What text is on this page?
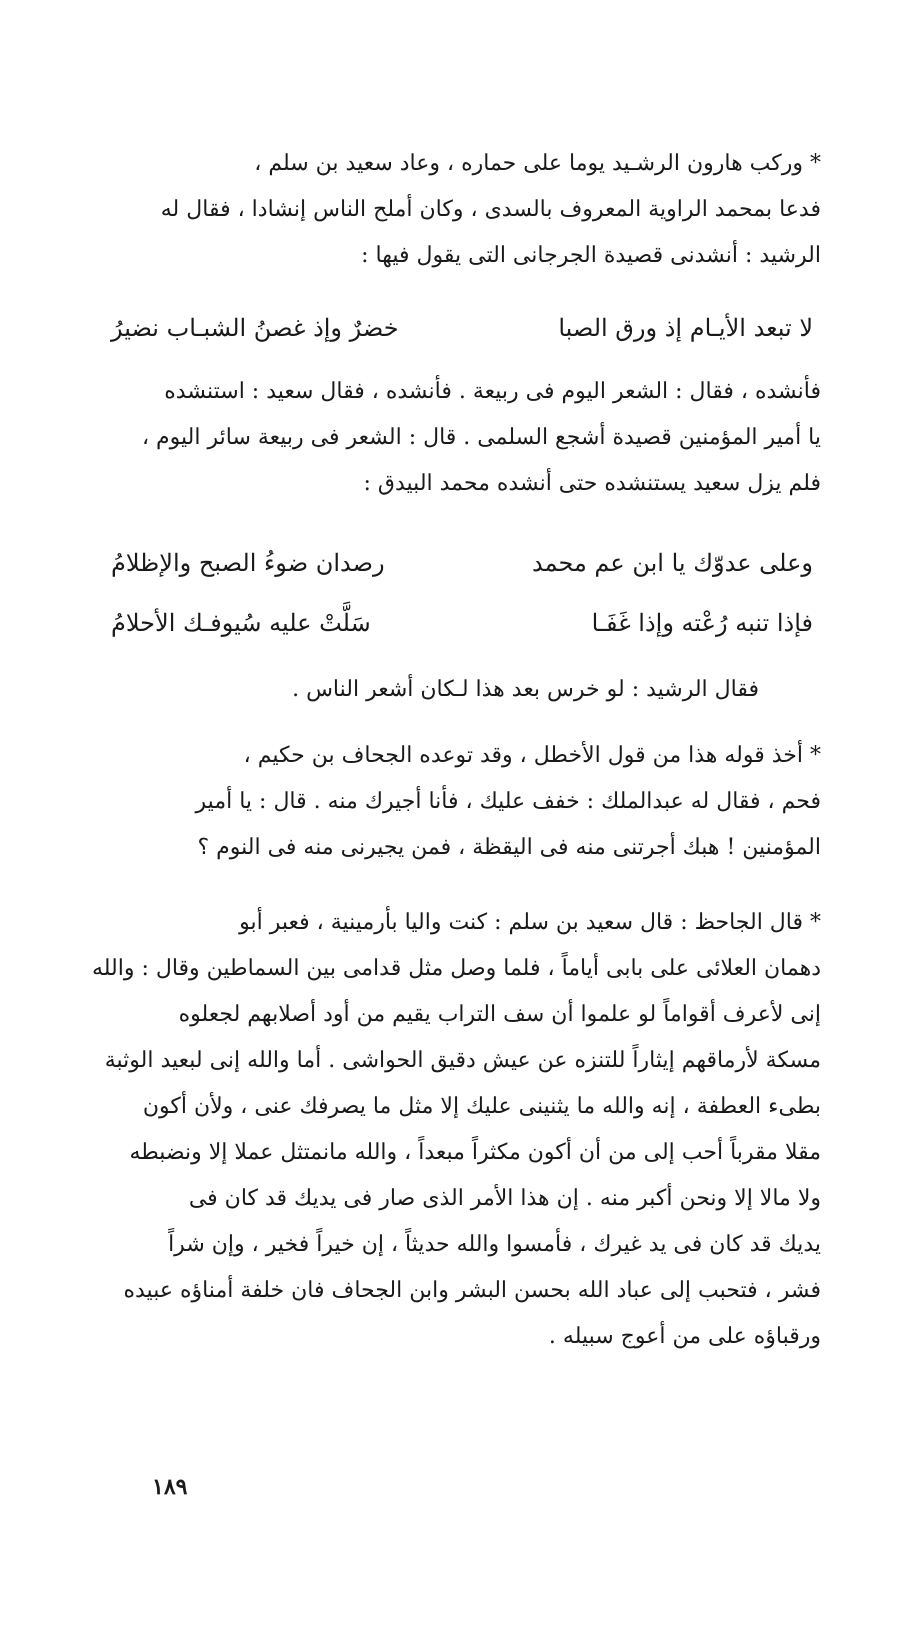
* وركب هارون الرشـيد يوما على حماره ، وعاد سعيد بن سلم ،
فدعا بمحمد الراوية المعروف بالسدى ، وكان أملح الناس إنشادا ، فقال له
الرشيد : أنشدنى قصيدة الجرجانى التى يقول فيها :
لا تبعد الأيـام إذ ورق الصبا
خضرٌ وإذ غصنُ الشبـاب نضيرُ
فأنشده ، فقال : الشعر اليوم فى ربيعة . فأنشده ، فقال سعيد : استنشده
يا أمير المؤمنين قصيدة أشجع السلمى . قال : الشعر فى ربيعة سائر اليوم ،
فلم يزل سعيد يستنشده حتى أنشده محمد البيدق :
وعلى عدوّك يا ابن عم محمد
رصدان ضوءُ الصبح والإظلامُ
فإذا تنبه رُعْته وإذا غَفَـا
سَلَّتْ عليه سُيوفـك الأحلامُ
فقال الرشيد : لو خرس بعد هذا لـكان أشعر الناس .
* أخذ قوله هذا من قول الأخطل ، وقد توعده الجحاف بن حكيم ،
فحم ، فقال له عبدالملك : خفف عليك ، فأنا أجيرك منه . قال : يا أمير
المؤمنين ! هبك أجرتنى منه فى اليقظة ، فمن يجيرنى منه فى النوم ؟
* قال الجاحظ : قال سعيد بن سلم : كنت واليا بأرمينية ، فعبر أبو
دهمان العلائى على بابى أياماً ، فلما وصل مثل قدامى بين السماطين وقال : والله
إنى لأعرف أقواماً لو علموا أن سف التراب يقيم من أود أصلابهم لجعلوه
مسكة لأرماقهم إيثاراً للتنزه عن عيش دقيق الحواشى . أما والله إنى لبعيد الوثبة
بطىء العطفة ، إنه والله ما يثنينى عليك إلا مثل ما يصرفك عنى ، ولأن أكون
مقلا مقرباً أحب إلى من أن أكون مكثراً مبعداً ، والله مانمتثل عملا إلا ونضبطه
ولا مالا إلا ونحن أكبر منه . إن هذا الأمر الذى صار فى يديك قد كان فى
يديك قد كان فى يد غيرك ، فأمسوا والله حديثاً ، إن خيراً فخير ، وإن شراً
فشر ، فتحبب إلى عباد الله بحسن البشر وابن الجحاف فان خلفة أمناؤه عبيده
ورقباؤه على من أعوج سبيله .
١٨٩
